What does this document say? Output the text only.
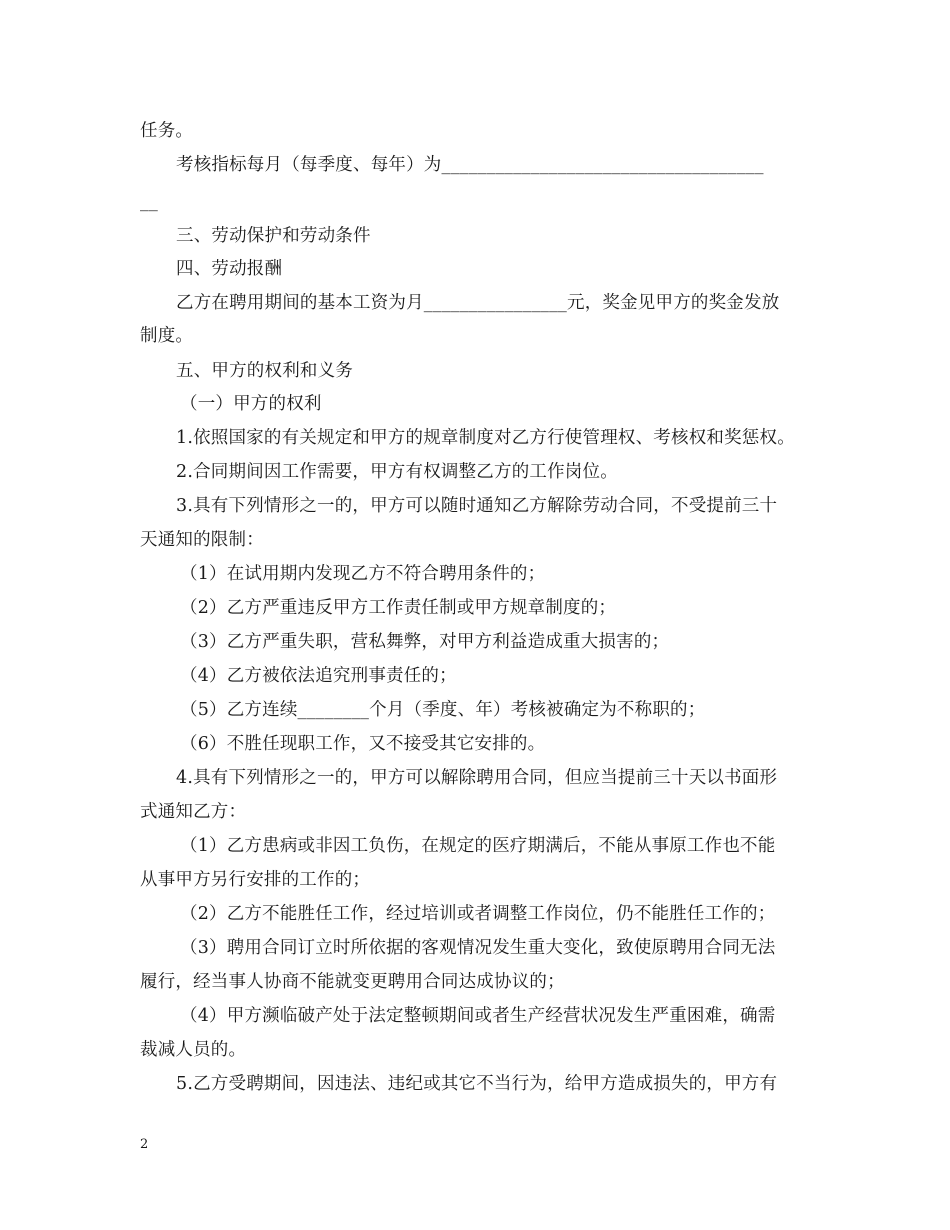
任务。
考核指标每月（每季度、每年）为____________________________________
__
三、劳动保护和劳动条件
四、劳动报酬
乙方在聘用期间的基本工资为月________________元，奖金见甲方的奖金发放
制度。
五、甲方的权利和义务
（一）甲方的权利
1.依照国家的有关规定和甲方的规章制度对乙方行使管理权、考核权和奖惩权。
2.合同期间因工作需要，甲方有权调整乙方的工作岗位。
3.具有下列情形之一的，甲方可以随时通知乙方解除劳动合同，不受提前三十
天通知的限制：
（1）在试用期内发现乙方不符合聘用条件的；
（2）乙方严重违反甲方工作责任制或甲方规章制度的；
（3）乙方严重失职，营私舞弊，对甲方利益造成重大损害的；
（4）乙方被依法追究刑事责任的；
（5）乙方连续________个月（季度、年）考核被确定为不称职的；
（6）不胜任现职工作，又不接受其它安排的。
4.具有下列情形之一的，甲方可以解除聘用合同，但应当提前三十天以书面形
式通知乙方：
（1）乙方患病或非因工负伤，在规定的医疗期满后，不能从事原工作也不能
从事甲方另行安排的工作的；
（2）乙方不能胜任工作，经过培训或者调整工作岗位，仍不能胜任工作的；
（3）聘用合同订立时所依据的客观情况发生重大变化，致使原聘用合同无法
履行，经当事人协商不能就变更聘用合同达成协议的；
（4）甲方濒临破产处于法定整顿期间或者生产经营状况发生严重困难，确需
裁减人员的。
5.乙方受聘期间，因违法、违纪或其它不当行为，给甲方造成损失的，甲方有
2
